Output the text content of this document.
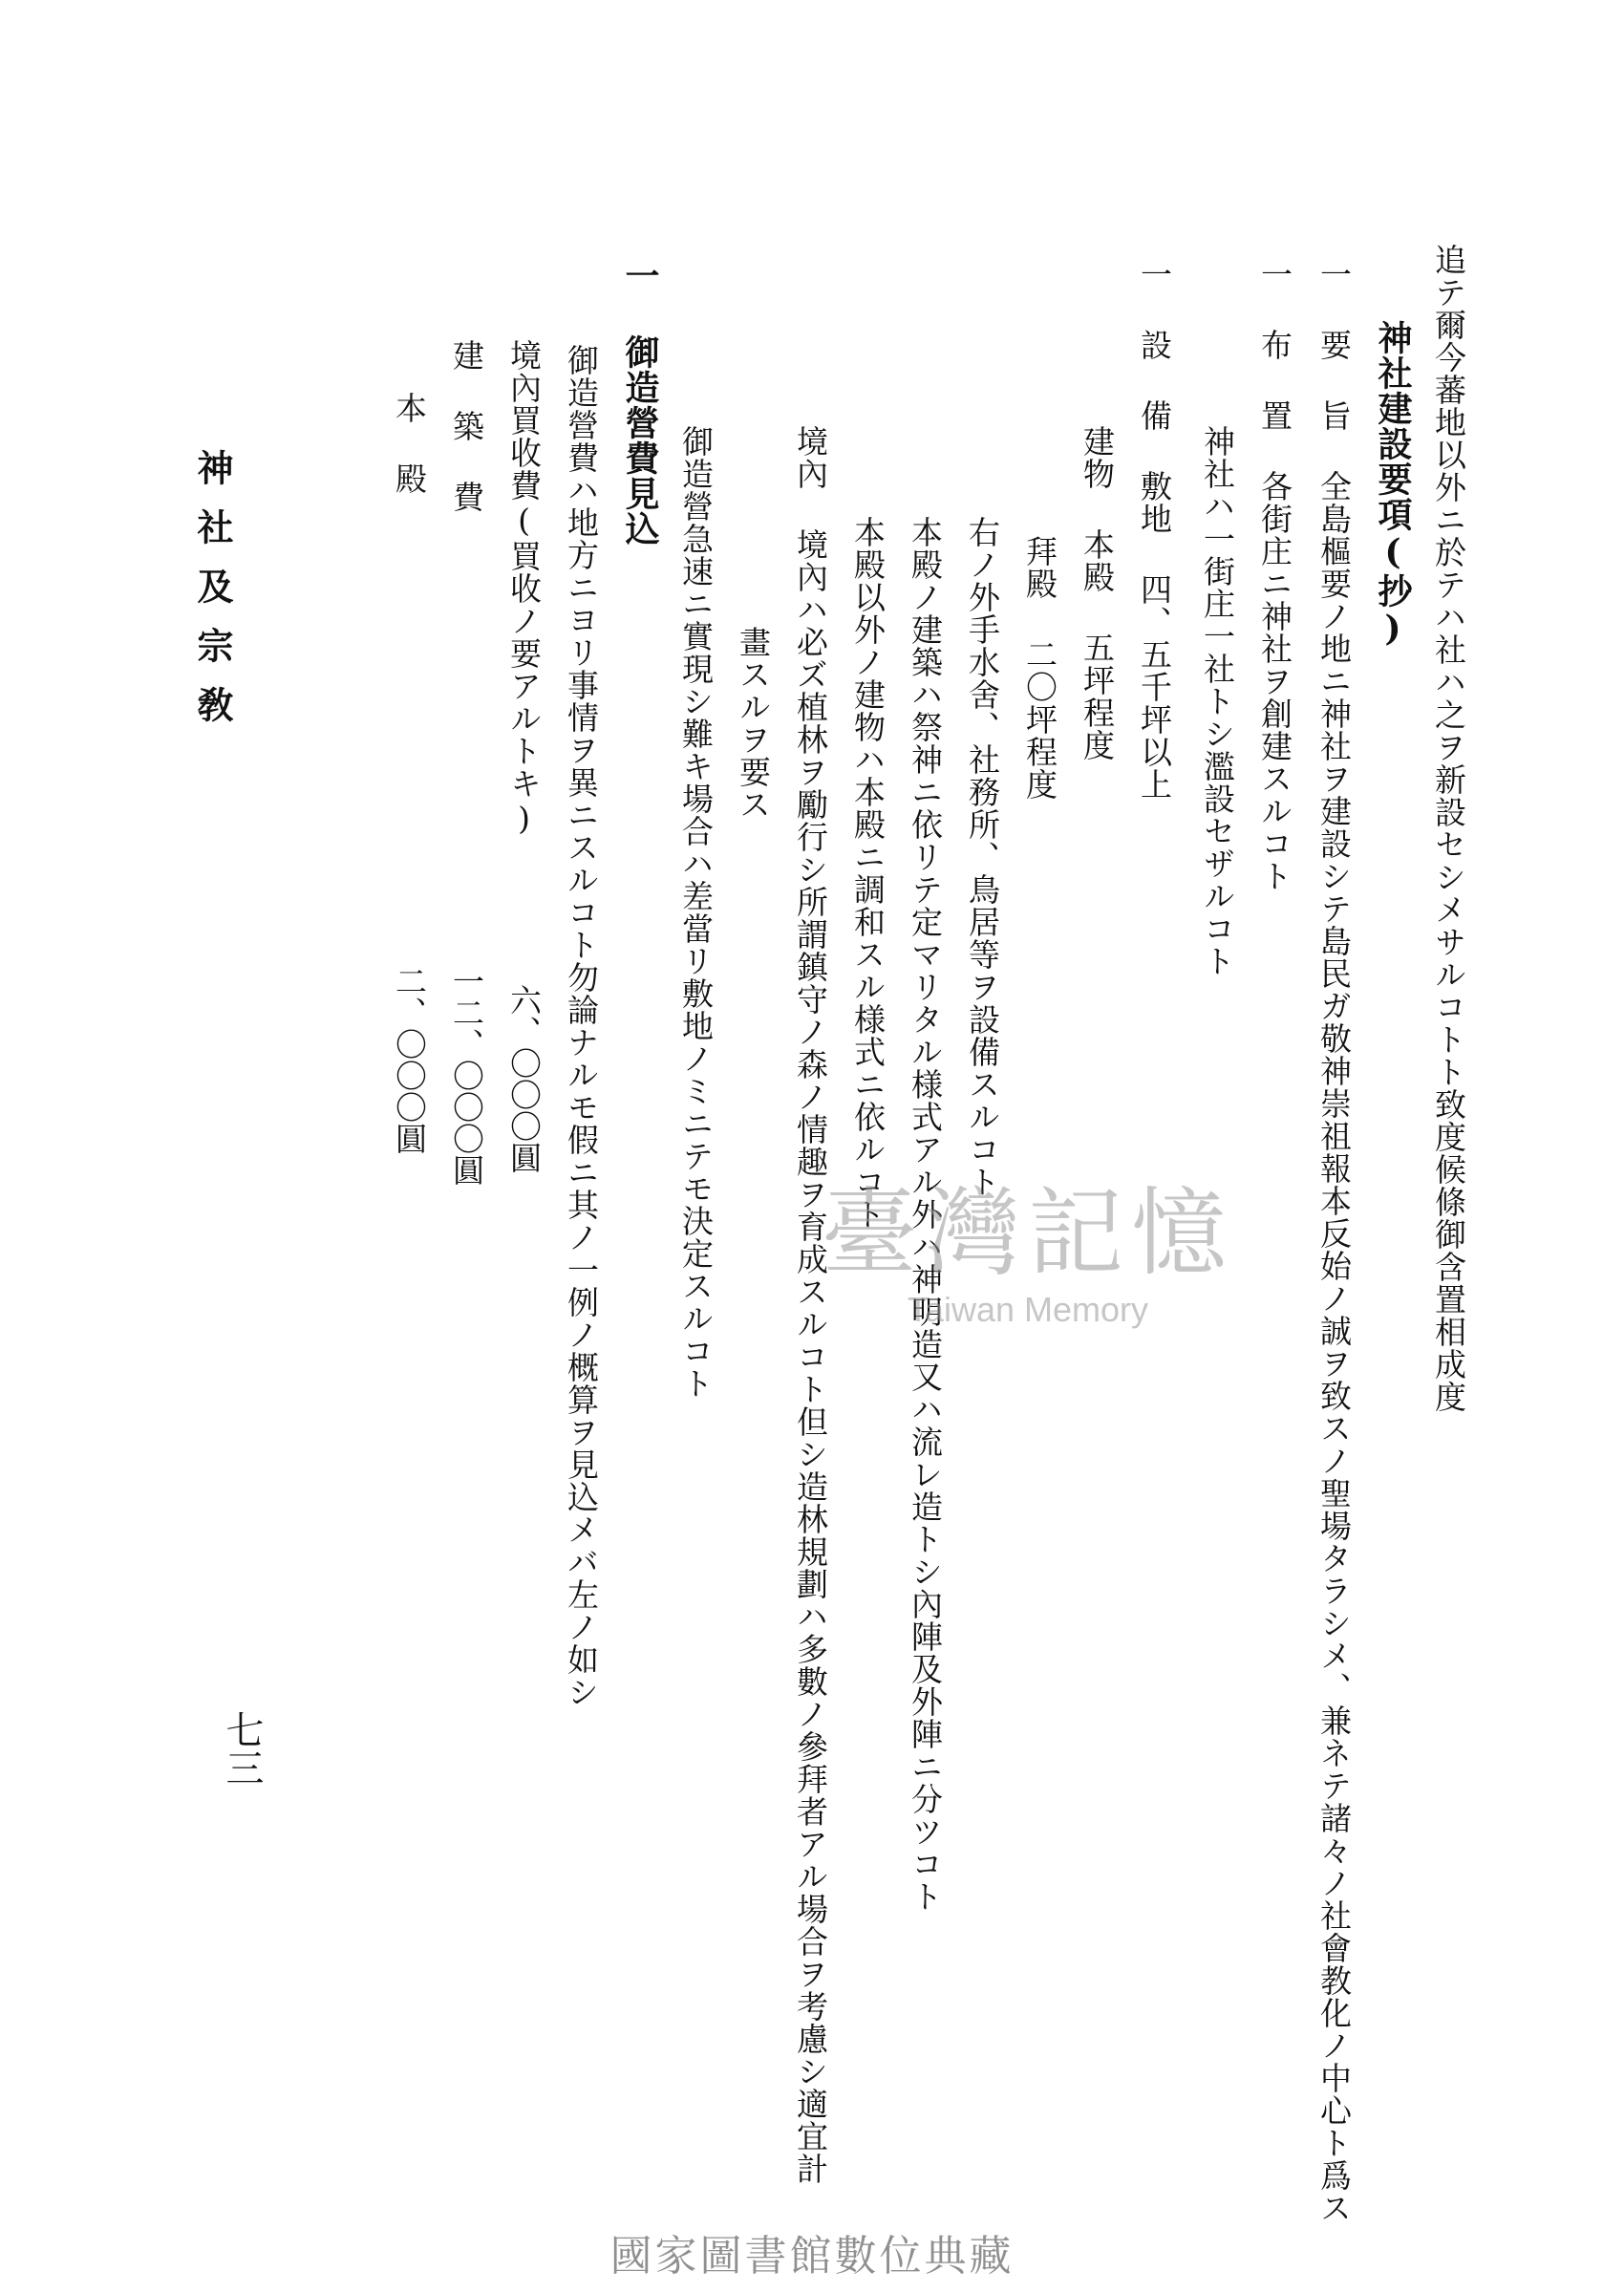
追テ爾今蕃地以外ニ於テハ社ハ之ヲ新設セシメサルコトト致度候條御含置相成度
神社建設要項(抄)
一 要 旨 全島樞要ノ地ニ神社ヲ建設シテ島民ガ敬神崇祖報本反始ノ誠ヲ致スノ聖場タラシメ、兼ネテ諸々ノ社會教化ノ中心ト爲ス
一 布 置 各街庄ニ神社ヲ創建スルコト
神社ハ一街庄一社トシ濫設セザルコト
一 設 備 敷地 四、五千坪以上
建物 本殿 五坪程度
拜殿 二〇坪程度
右ノ外手水舍、社務所、鳥居等ヲ設備スルコト
本殿ノ建築ハ祭神ニ依リテ定マリタル様式アル外ハ神明造又ハ流レ造トシ內陣及外陣ニ分ツコト
本殿以外ノ建物ハ本殿ニ調和スル様式ニ依ルコト
境內 境內ハ必ズ植林ヲ勵行シ所謂鎮守ノ森ノ情趣ヲ育成スルコト但シ造林規劃ハ多數ノ參拜者アル場合ヲ考慮シ適宜計
畫スルヲ要ス
御造營急速ニ實現シ難キ場合ハ差當リ敷地ノミニテモ決定スルコト
一 御造營費見込
御造營費ハ地方ニヨリ事情ヲ異ニスルコト勿論ナルモ假ニ其ノ一例ノ概算ヲ見込メバ左ノ如シ
境內買收費(買收ノ要アルトキ)
建 築 費
本 殿
六、〇〇〇圓
一二、〇〇〇圓
二、〇〇〇圓
神社及宗敎
七三
臺灣記憶
Taiwan Memory
國家圖書館數位典藏
